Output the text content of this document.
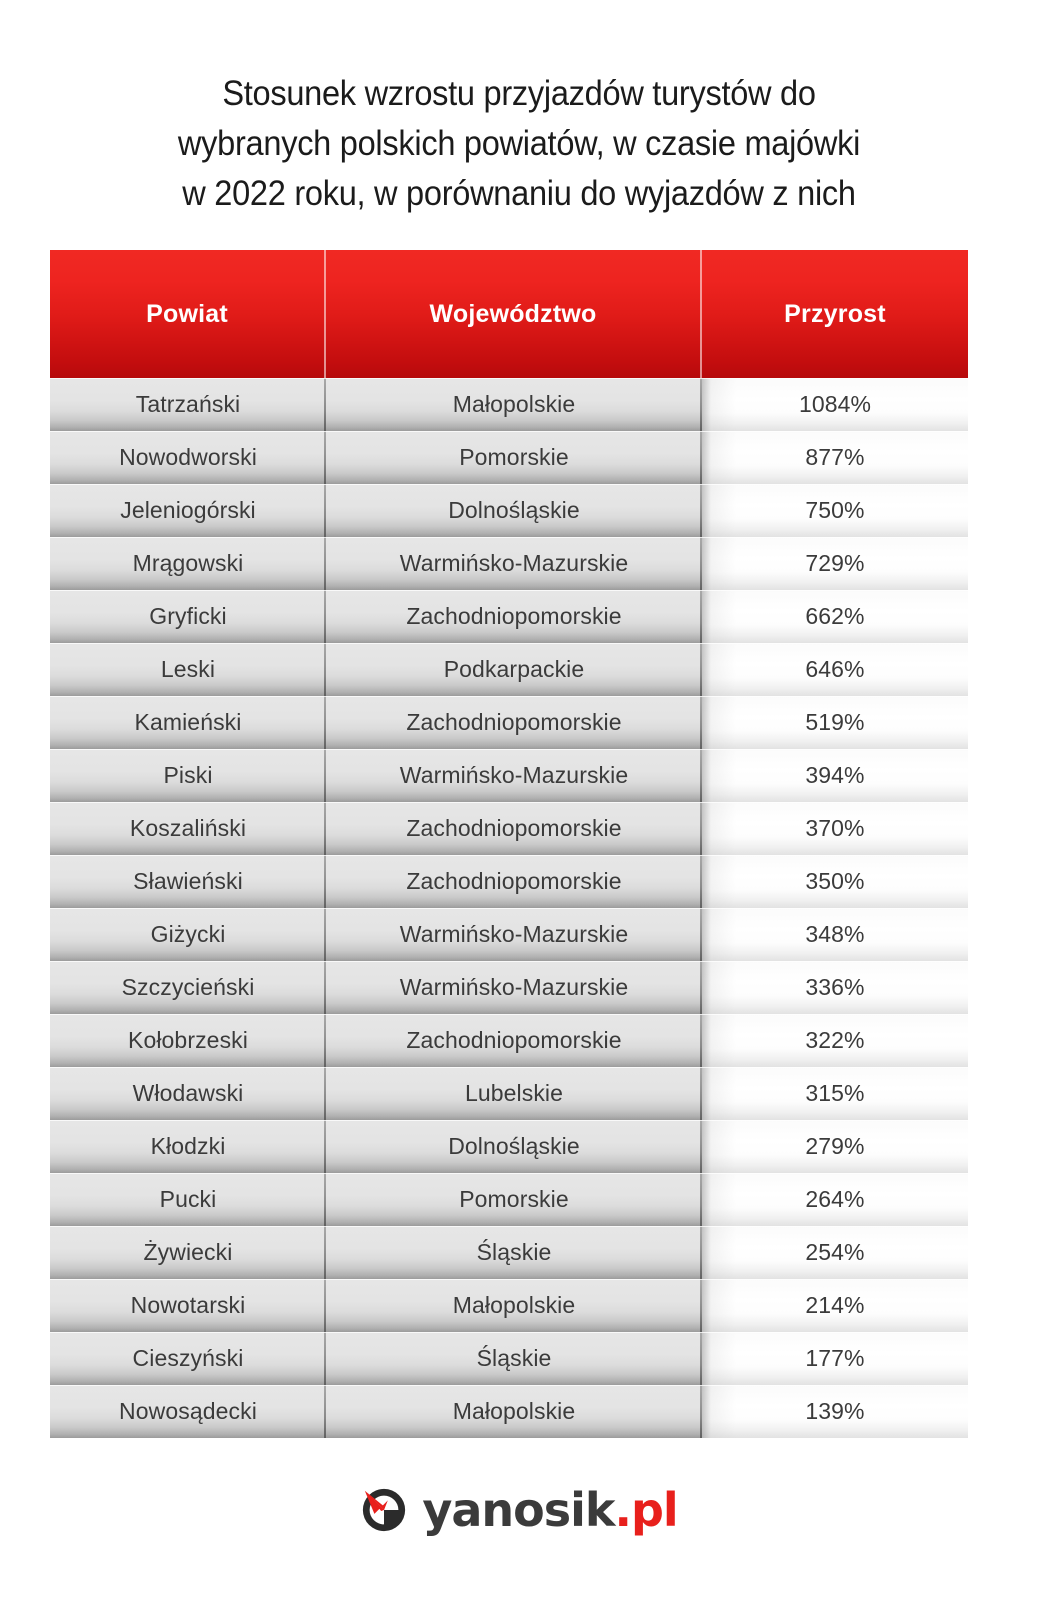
Stosunek wzrostu przyjazdów turystów do
wybranych polskich powiatów, w czasie majówki
w 2022 roku, w porównaniu do wyjazdów z nich
Powiat	Województwo	Przyrost
Tatrzański	Małopolskie	1084%
Nowodworski	Pomorskie	877%
Jeleniogórski	Dolnośląskie	750%
Mrągowski	Warmińsko-Mazurskie	729%
Gryficki	Zachodniopomorskie	662%
Leski	Podkarpackie	646%
Kamieński	Zachodniopomorskie	519%
Piski	Warmińsko-Mazurskie	394%
Koszaliński	Zachodniopomorskie	370%
Sławieński	Zachodniopomorskie	350%
Giżycki	Warmińsko-Mazurskie	348%
Szczycieński	Warmińsko-Mazurskie	336%
Kołobrzeski	Zachodniopomorskie	322%
Włodawski	Lubelskie	315%
Kłodzki	Dolnośląskie	279%
Pucki	Pomorskie	264%
Żywiecki	Śląskie	254%
Nowotarski	Małopolskie	214%
Cieszyński	Śląskie	177%
Nowosądecki	Małopolskie	139%
yanosik.pl
